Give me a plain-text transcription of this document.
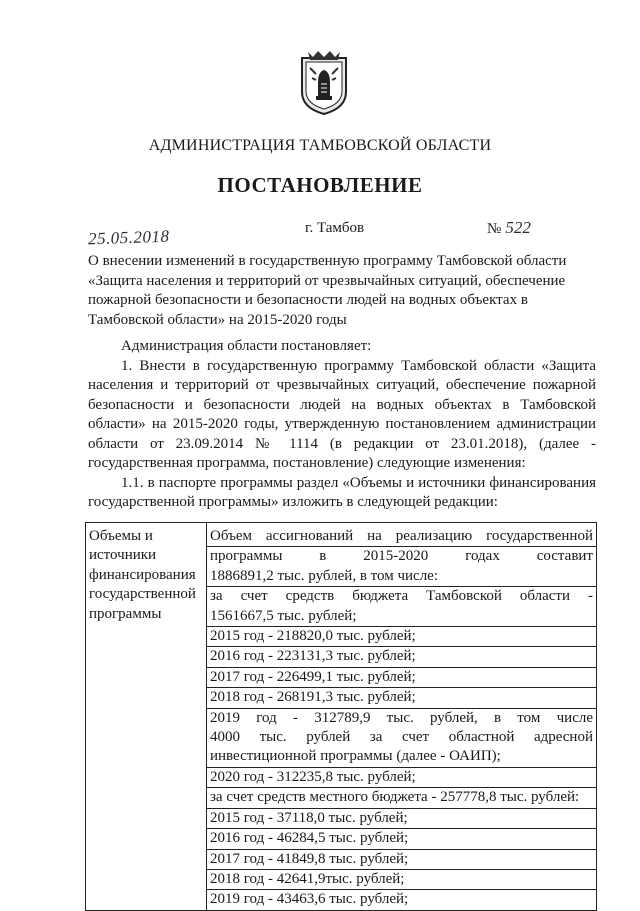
АДМИНИСТРАЦИЯ ТАМБОВСКОЙ ОБЛАСТИ
ПОСТАНОВЛЕНИЕ
25.05.2018	г. Тамбов	№ 522

О внесении изменений в государственную программу Тамбовской области

«Защита населения и территорий от чрезвычайных ситуаций, обеспечение

пожарной безопасности и безопасности людей на водных объектах в

Тамбовской области» на 2015-2020 годы

Администрация области постановляет:

1. Внести в государственную программу Тамбовской области «Защита населения и территорий от чрезвычайных ситуаций, обеспечение пожарной безопасности и безопасности людей на водных объектах в Тамбовской области» на 2015-2020 годы, утвержденную постановлением администрации области от 23.09.2014 № 1114 (в редакции от 23.01.2018), (далее - государственная программа, постановление) следующие изменения:

1.1. в паспорте программы раздел «Объемы и источники финансирования государственной программы» изложить в следующей редакции:

Объемы и источники финансирования государственной программы	
Объем ассигнований на реализацию государственной
программы в 2015-2020 годах составит
1886891,2 тыс. рублей, в том числе:
за счет средств бюджета Тамбовской области -
1561667,5 тыс. рублей;
2015 год - 218820,0 тыс. рублей;
2016 год - 223131,3 тыс. рублей;
2017 год - 226499,1 тыс. рублей;
2018 год - 268191,3 тыс. рублей;
2019 год - 312789,9 тыс. рублей, в том числе
4000 тыс. рублей за счет областной адресной
инвестиционной программы (далее - ОАИП);
2020 год - 312235,8 тыс. рублей;
за счет средств местного бюджета - 257778,8 тыс. рублей:
2015 год - 37118,0 тыс. рублей;
2016 год - 46284,5 тыс. рублей;
2017 год - 41849,8 тыс. рублей;
2018 год - 42641,9тыс. рублей;
2019 год - 43463,6 тыс. рублей;
